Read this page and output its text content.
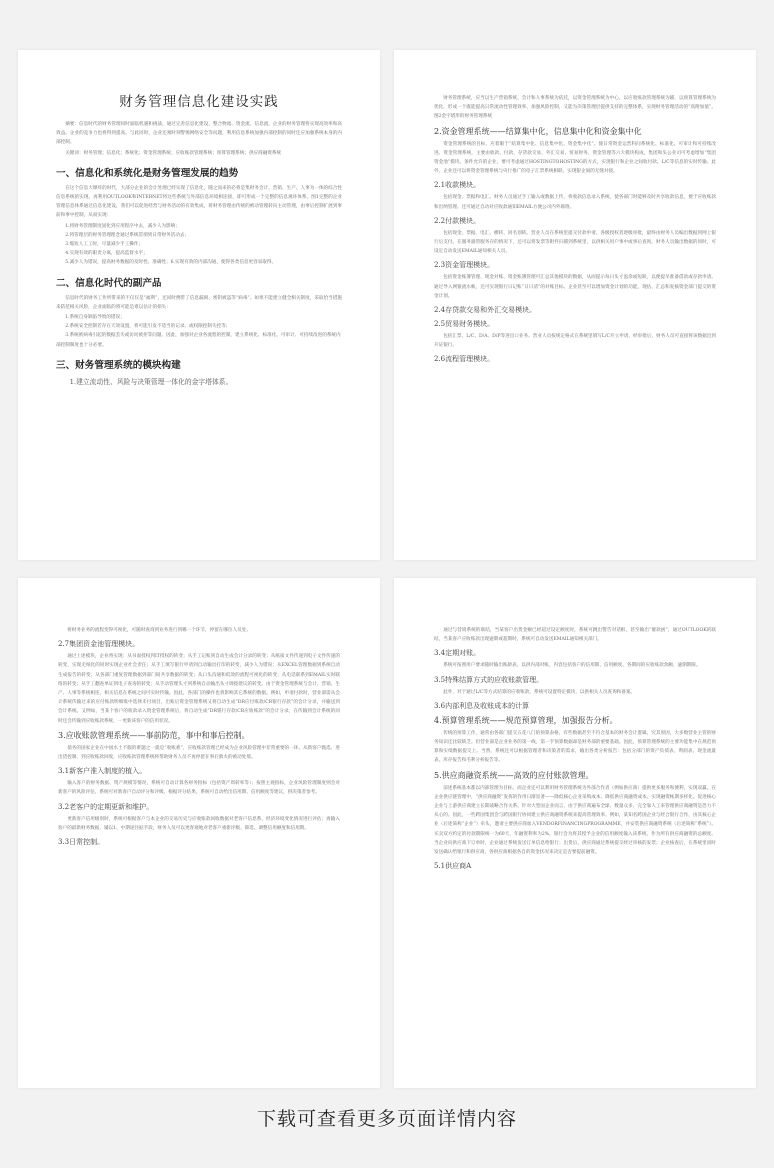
财务管理信息化建设实践

摘要：信息时代的财务管理同时面临机遇和挑战，通过完善信息化建设，整合物流、资金流、信息流，企业的财务管理将实现高效率和高效益。企业的竞争力也将得到提高。与此同时，企业还须时刻警惕网络安全等问题，利用信息系统加强内部控制的同时还应加强系统本身的内部控制。

关键词：财务管理；信息化；系统化；资金管理系统；应收账款管理系统；预算管理系统；供应商融资系统

一、信息化和系统化是财务管理发展的趋势

在这个信息大爆炸的时代，大部分企业的会计处理已经实现了信息化，随之而来的必将是集财务会计、营销、生产、人事为一体的综合性信息系统的实现，再利用OUTLOOK和INTERNET将这些系统与外部信息环境相连接，即可形成一个完整的信息观环体系。图1完整的企业管理信息体系通过信息化建设，我们可以促进经营与财务活动的有效集成，将财务管理由传统的被动管理转向主动管理，由事后控制扩展到事前和事中控制，从而实现：

1.将财务管理制度固化到应用程序中去，减少人为影响；

2.将管理层的财务管理理念通过系统贯彻到日常财务活动去；

3.缩短人工工时，尽量减少手工操作；

4.实现有效的职责分离，提高监督水平；

5.减少人为错误，提高财务数据的及时性、准确性；6.实现有效的内部沟通，使得各类信息更容易取得。

二、信息化时代的副产品

信息时代的财务工作所带来的不仅仅是“福利”，还同时携带了信息漏洞、密钥被盗等“病毒”。如果不能建立健全相关制度，采取恰当措施来防范相关风险，企业面临的将可能是难以估计的损失：

1.系统自身缺陷导致的错误；

2.系统安全控制若存在天效设置，将可能引发不适当的记录、或权限控制失控等；

3.系统被病毒引起的数据丢失或访问被拒等问题。因此，加强对企业各流程的控制，建立系统化、标准化、可审计、可持续改进的系统内部控制制度也十分必要。

三、财务管理系统的模块构建

1.建立流动性、风险与决策管理一体化的金字塔体系。

财务管理系统，应当以生产营销系统、会计和人事系统为依托，以资金管理系统为中心，以应收账款管理系统为辅，以预算管理系统为优化，形成一个既能提高日常流动性管理效率、加强风险控制，又能为决策管理层提供支持的完整体系，实现财务管理活动的“高附加值”。图2金字塔形的财务管理系统

2.资金管理系统——结算集中化，信息集中化和资金集中化

资金管理系统的目标，应着眼于“结算集中化、信息集中化、资金集中化”。使日常资金运营科问系统化、标准化、可审计和可持续改进。资金管理系统，主要由收款、付款、存贷款交易、外汇交易、贸易财务、资金管理等六大模块构成，集团和头公业司可考虑增加“集团资金池”模块。条件允许的企业，要可考虑通过HOSTINGTOHOSTING的方式，实现银行和企业之间收付款、L/C等信息的实时传输。此外，企业还可以将资金管理系统与央行推广的电子汇票系统相联，实现银企间的无缝对接。

2.1收款模块。

包括现金、票据和电汇。财务人员通过手工输入或数据上传，将收款信息录入系统，使各部门时能够及时共享收款信息，便于应收账款和出纳管理。还可通过自动对应收款通知EMAIL方便公司内外联络。

2.2付款模块。

包括现金、票据、电汇、横转、同名划转。营业人员在系统里提交付款申请，各级授权者逐级审批，最终由财务人员编出数据到网上银行后支付。在服务器管服务存的情况下，还可以将发票等附件扫描到系统里，以供相关用户事中或事后查询。财务人员输出数据的同时，可设定自动发送EMAIL通知相关人员。

2.3资金管理模块。

包括资金账簿管理、现金对账、资金账簿管理可汇总其他模块的数据，从而提示每日头寸盈余或短缺，以便提早准备借款或存款申请。通过导入网银流水帐，还可实现银行日记账“日日清”的对账目标。企业甚至可以增加资金计划的功能，现估、汇总和复核资金部门提交的资金计划。

2.4存贷款交易和外汇交易模块。
2.5贸易财务模块。

包括汇票、L/C、D/A、D/P等进出口业务。营业人员按规定格式在系统里填写L/C开立申请，经审批后，财务人员可直接将该数据出到开证银行。

2.6流程管理模块。

将财务业务的流程变得可视化，可随时查询到业务进行到哪一个环节，停留在哪位人员处。

2.7集团资金池管理模块。

通过上述模块，企业将实现：从书面授权到IT授权的转变；从手工记账到自动生成会计分录的转变；从纸质文件传递到电子文件传递的转变，实现无纸化的同时实现企业社会责任；从手工填写银行申请到自动输出打印的转变，减少人为错误；从EXCEL管理数据到系统自动生成报告的转变；从各部门重复管理数据到部门间共享数据的转变；从口头沟通和低效的流程可视化的转变；从电话联系到EMAIL实时联络的转变；从手工翻查单证到电子查询的转变；从手动管理头寸到系统自动输出头寸调拨建议的转变。由于资金管理系统与会计、营销、生产、人事等系统相连，相关信息在系统之间可实时传输。因此，各部门的操作也将影响其它系统的数据。例如，申请付款时，营业部需从会计系统传输过来的应付账款明细账中选择未付项目，出账后资金管理系统又将自动生成“DR应付账款/CR银行存款”的会计分录，并输送到会计系统。又例如，当某个客户的收款录入资金管理系统后，将自动生成“DR银行存款/CR应收账款”的会计分录，在传输到会计系统的同时还会传输到应收账款系统，一更新该客户的信用状况。

3.应收账款管理系统——事前防范，事中和事后控制。

债务的国家企业在中国水土不服的难题之一就是“收账难”，应收账款管理已经成为企业风险管理中非常重要的一环。从新客户甄选、进出货控制、到应收账款回收，应收账款管理系统将帮助财务人员不再停留在事后救火的被动处境。

3.1新客户准入制度的植入。

输入客户的财务数据、资产规模等情况，系统可自动计算各财务指标（包括资产周转率等）；按照主观指标，企业风险管理制度则会对新客户的风险评估，系统可对新客户自动评分和评级，根据评分结果，系统可自动给出信用期、信用额度等建议，供决策者参考。

3.2老客户的定期更新和维护。

更新客户信用级别时，系统可根据客户与本企业的交易历史与应收账款回收数据对老客户信息系，经济环境变化情况进行评估；再输入客户的最新财务数据，辅以1、中期途径掂手段，财务人员可以更客观地对老客户重新评级、筛选、调整信用额度和信用期。

3.3日常控制。

通过与营销系统的联结，当某客户出货金额已经超过设定额度时，系统可跳出警告对话框，甚至输出“催款函”，通过OUTLOOK的联结，当某客户应收账款出现逾期或超期时，系统可自动发送EMAIL通知相关部门。

3.4定期对账。

系统可按照用户要求随时输出账龄表，以供内部对账，内容包括客户的信用期、信用额度、各期间的应收账款余额、逾期期限。

3.5特殊结算方式的应收账款管理。

此外，对于通过L/C等方式结算的应收账款，系统可设置特定模块，以供相关人员查询和备案。

3.6内部利息及收账成本的计算
4.预算管理系统——规范预算管理，加强报告分析。

传统的预算工作，通常由各部门提交五花八门的预算表格，有些数据甚至不符合基本的财务会计逻辑。究其原因，大多数营业主管的财务知识还比较缺乏。但营业部是企业业务的第一线，第一手预算数据却是财务部的重要基础。因此，预算管理系统的主要功能集中在规范预算和实绩数据提交上。当然，系统还可以根据管理者和决策者的需求，输出各类分析报告：包括分部门的资产负债表、利润表、现金流量表、库存报告和毛利分析报告等。

5.供应商融资系统——高效的应付账款管理。

前述系统基本都以内部管理为目标，而企业还可以利用财务管理系统为外部合作者（例如供应商）提供更多服务和便利，实现双赢。在企业供应链管理中，“供应商融资”发挥的作用日渐显著——降低核心企业采购成本、降低供应商融资成本、实现融资帐期多样化、促进核心企业与上游供应商建立长期战略合作关系。针对大型国企业而言，由于供应商遍布全球、数量众多、完全靠人工来管理供应商融资是恐力不从心的。因此，一些跨国集团会与跨国银行协同建立供应商融资系统来提高管理效率。例如，某知名跨国企业与经合银行合作，由其核心企业（后述简称“企业”）牵头，邀请主要供应商加入VENDORFINANCINGPROGRAMME，并安装供应商融资系统（后述简称“系统”）。买卖双方约定的付款期限统一为60天，年融资利率为2%，银行会为将其授予企业的信用额度输入该系统，作为所有供应商融资的总额度。当企业向供应商下订单时，企业通过系统发送订单信息给银行；出货后，供应商通过系统提交经过审核的发票；企业核查后，在系统里同时发送确认给银行和供应商，各供应商根据各自的资金状况来决定是否要提前融资。

5.1供应商A
下载可查看更多页面详情内容
